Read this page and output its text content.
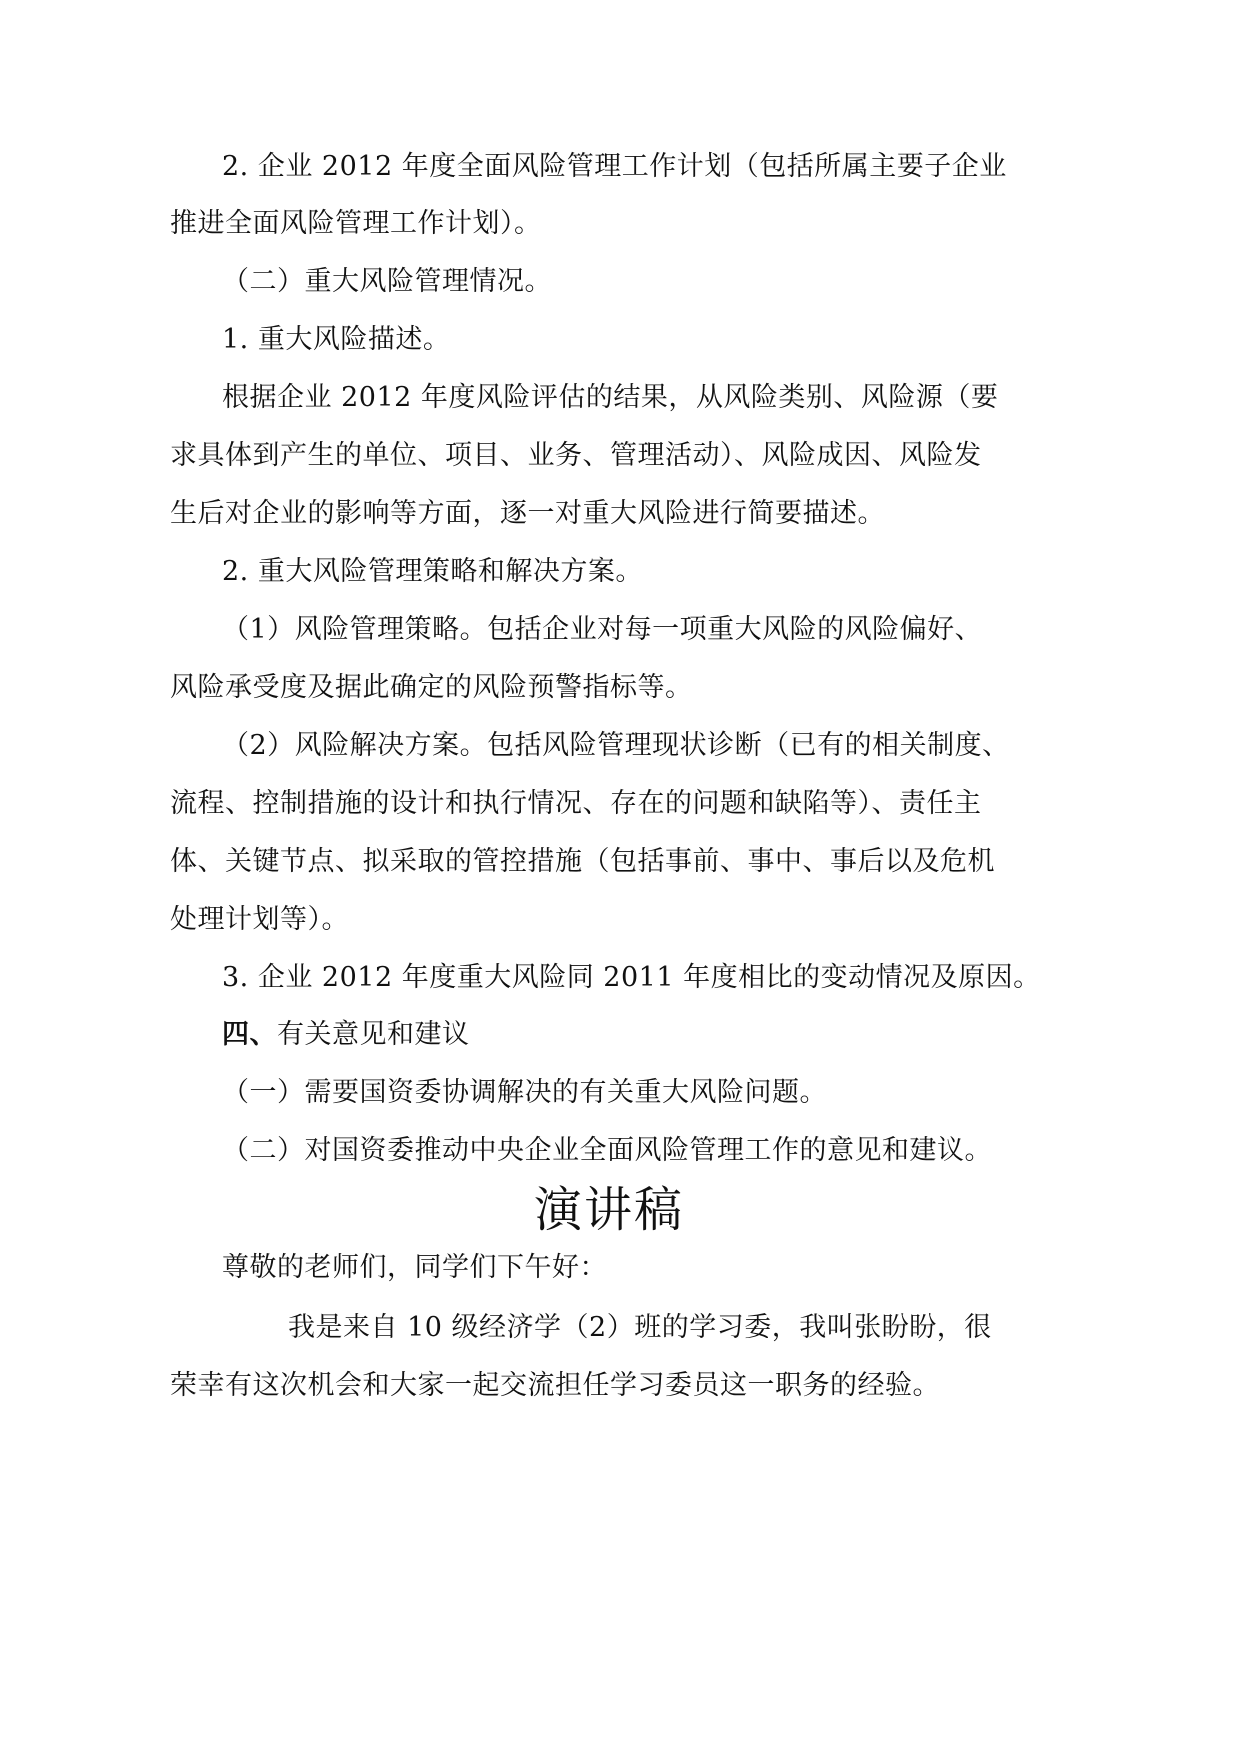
2. 企业 2012 年度全面风险管理工作计划（包括所属主要子企业
推进全面风险管理工作计划）。
（二）重大风险管理情况。
1. 重大风险描述。
根据企业 2012 年度风险评估的结果，从风险类别、风险源（要
求具体到产生的单位、项目、业务、管理活动）、风险成因、风险发
生后对企业的影响等方面，逐一对重大风险进行简要描述。
2. 重大风险管理策略和解决方案。
（1）风险管理策略。包括企业对每一项重大风险的风险偏好、
风险承受度及据此确定的风险预警指标等。
（2）风险解决方案。包括风险管理现状诊断（已有的相关制度、
流程、控制措施的设计和执行情况、存在的问题和缺陷等）、责任主
体、关键节点、拟采取的管控措施（包括事前、事中、事后以及危机
处理计划等）。
3. 企业 2012 年度重大风险同 2011 年度相比的变动情况及原因。
四、有关意见和建议
（一）需要国资委协调解决的有关重大风险问题。
（二）对国资委推动中央企业全面风险管理工作的意见和建议。
演讲稿
尊敬的老师们，同学们下午好：
我是来自 10 级经济学（2）班的学习委，我叫张盼盼，很
荣幸有这次机会和大家一起交流担任学习委员这一职务的经验。
